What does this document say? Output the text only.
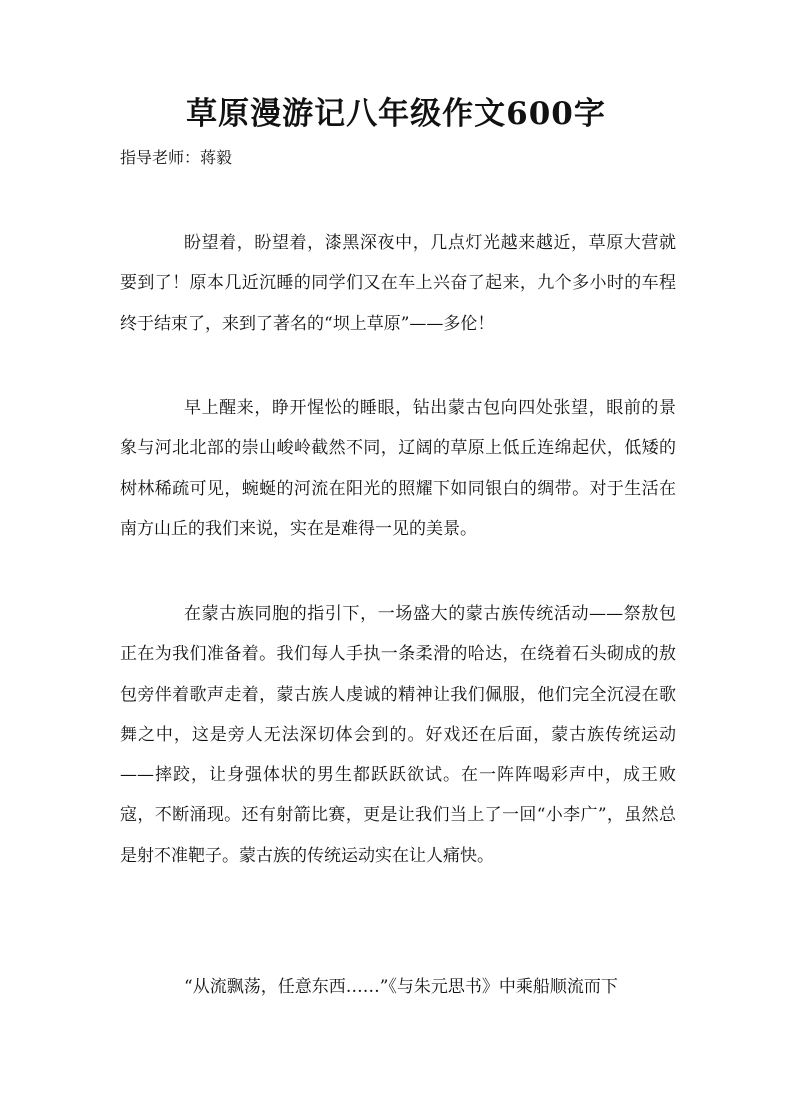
草原漫游记八年级作文600字
指导老师：蒋毅

盼望着，盼望着，漆黑深夜中，几点灯光越来越近，草原大营就要到了！原本几近沉睡的同学们又在车上兴奋了起来，九个多小时的车程终于结束了，来到了著名的“坝上草原”——多伦！

早上醒来，睁开惺忪的睡眼，钻出蒙古包向四处张望，眼前的景象与河北北部的崇山峻岭截然不同，辽阔的草原上低丘连绵起伏，低矮的树林稀疏可见，蜿蜒的河流在阳光的照耀下如同银白的绸带。对于生活在南方山丘的我们来说，实在是难得一见的美景。

在蒙古族同胞的指引下，一场盛大的蒙古族传统活动——祭敖包正在为我们准备着。我们每人手执一条柔滑的哈达，在绕着石头砌成的敖包旁伴着歌声走着，蒙古族人虔诚的精神让我们佩服，他们完全沉浸在歌舞之中，这是旁人无法深切体会到的。好戏还在后面，蒙古族传统运动——摔跤，让身强体状的男生都跃跃欲试。在一阵阵喝彩声中，成王败寇，不断涌现。还有射箭比赛，更是让我们当上了一回“小李广”，虽然总是射不准靶子。蒙古族的传统运动实在让人痛快。

“从流飘荡，任意东西……”《与朱元思书》中乘船顺流而下
